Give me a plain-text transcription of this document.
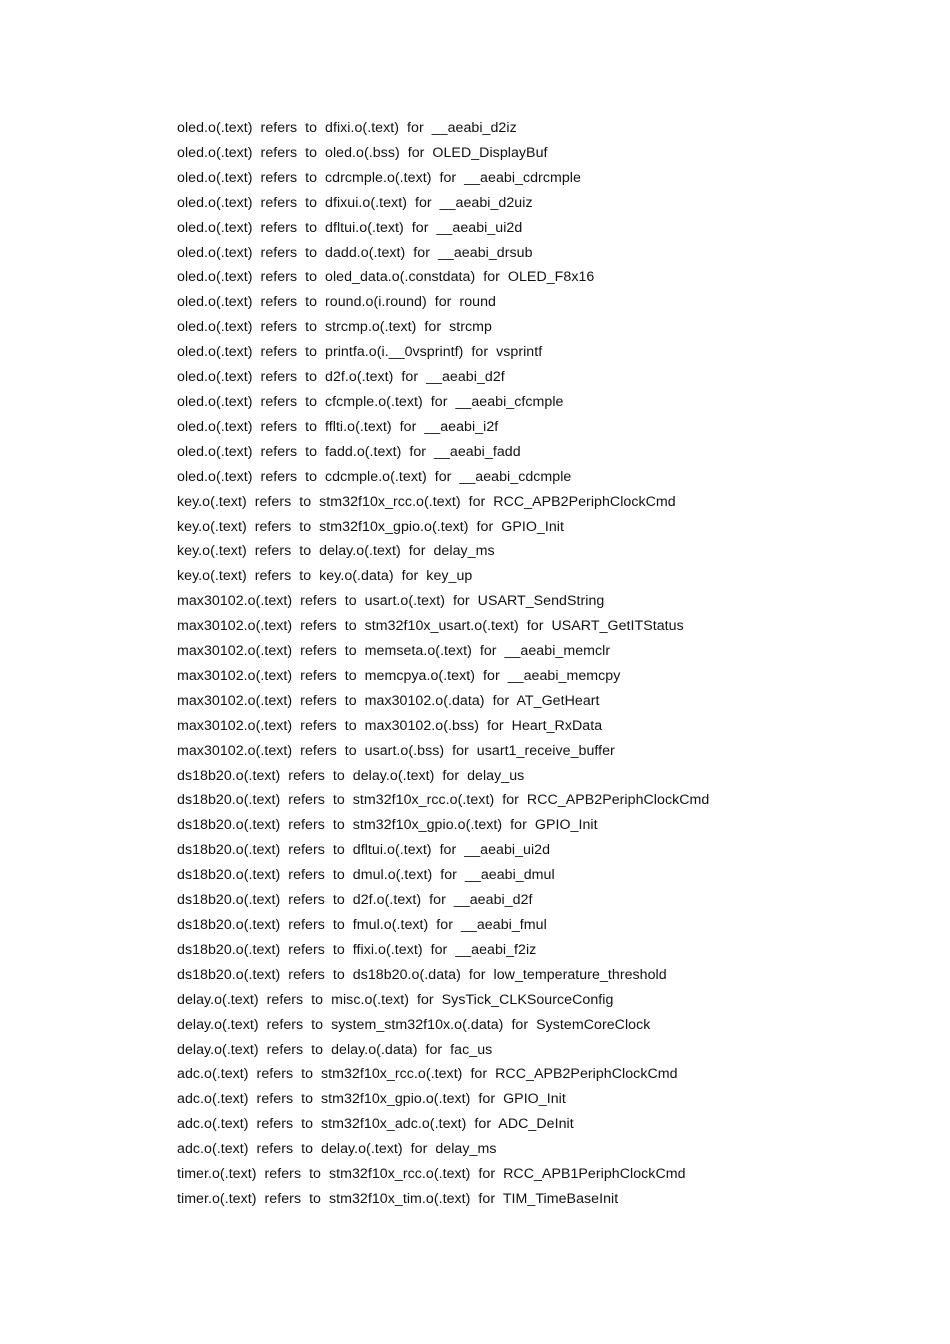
oled.o(.text)  refers  to  dfixi.o(.text)  for  __aeabi_d2iz
oled.o(.text)  refers  to  oled.o(.bss)  for  OLED_DisplayBuf
oled.o(.text)  refers  to  cdrcmple.o(.text)  for  __aeabi_cdrcmple
oled.o(.text)  refers  to  dfixui.o(.text)  for  __aeabi_d2uiz
oled.o(.text)  refers  to  dfltui.o(.text)  for  __aeabi_ui2d
oled.o(.text)  refers  to  dadd.o(.text)  for  __aeabi_drsub
oled.o(.text)  refers  to  oled_data.o(.constdata)  for  OLED_F8x16
oled.o(.text)  refers  to  round.o(i.round)  for  round
oled.o(.text)  refers  to  strcmp.o(.text)  for  strcmp
oled.o(.text)  refers  to  printfa.o(i.__0vsprintf)  for  vsprintf
oled.o(.text)  refers  to  d2f.o(.text)  for  __aeabi_d2f
oled.o(.text)  refers  to  cfcmple.o(.text)  for  __aeabi_cfcmple
oled.o(.text)  refers  to  fflti.o(.text)  for  __aeabi_i2f
oled.o(.text)  refers  to  fadd.o(.text)  for  __aeabi_fadd
oled.o(.text)  refers  to  cdcmple.o(.text)  for  __aeabi_cdcmple
key.o(.text)  refers  to  stm32f10x_rcc.o(.text)  for  RCC_APB2PeriphClockCmd
key.o(.text)  refers  to  stm32f10x_gpio.o(.text)  for  GPIO_Init
key.o(.text)  refers  to  delay.o(.text)  for  delay_ms
key.o(.text)  refers  to  key.o(.data)  for  key_up
max30102.o(.text)  refers  to  usart.o(.text)  for  USART_SendString
max30102.o(.text)  refers  to  stm32f10x_usart.o(.text)  for  USART_GetITStatus
max30102.o(.text)  refers  to  memseta.o(.text)  for  __aeabi_memclr
max30102.o(.text)  refers  to  memcpya.o(.text)  for  __aeabi_memcpy
max30102.o(.text)  refers  to  max30102.o(.data)  for  AT_GetHeart
max30102.o(.text)  refers  to  max30102.o(.bss)  for  Heart_RxData
max30102.o(.text)  refers  to  usart.o(.bss)  for  usart1_receive_buffer
ds18b20.o(.text)  refers  to  delay.o(.text)  for  delay_us
ds18b20.o(.text)  refers  to  stm32f10x_rcc.o(.text)  for  RCC_APB2PeriphClockCmd
ds18b20.o(.text)  refers  to  stm32f10x_gpio.o(.text)  for  GPIO_Init
ds18b20.o(.text)  refers  to  dfltui.o(.text)  for  __aeabi_ui2d
ds18b20.o(.text)  refers  to  dmul.o(.text)  for  __aeabi_dmul
ds18b20.o(.text)  refers  to  d2f.o(.text)  for  __aeabi_d2f
ds18b20.o(.text)  refers  to  fmul.o(.text)  for  __aeabi_fmul
ds18b20.o(.text)  refers  to  ffixi.o(.text)  for  __aeabi_f2iz
ds18b20.o(.text)  refers  to  ds18b20.o(.data)  for  low_temperature_threshold
delay.o(.text)  refers  to  misc.o(.text)  for  SysTick_CLKSourceConfig
delay.o(.text)  refers  to  system_stm32f10x.o(.data)  for  SystemCoreClock
delay.o(.text)  refers  to  delay.o(.data)  for  fac_us
adc.o(.text)  refers  to  stm32f10x_rcc.o(.text)  for  RCC_APB2PeriphClockCmd
adc.o(.text)  refers  to  stm32f10x_gpio.o(.text)  for  GPIO_Init
adc.o(.text)  refers  to  stm32f10x_adc.o(.text)  for  ADC_DeInit
adc.o(.text)  refers  to  delay.o(.text)  for  delay_ms
timer.o(.text)  refers  to  stm32f10x_rcc.o(.text)  for  RCC_APB1PeriphClockCmd
timer.o(.text)  refers  to  stm32f10x_tim.o(.text)  for  TIM_TimeBaseInit
